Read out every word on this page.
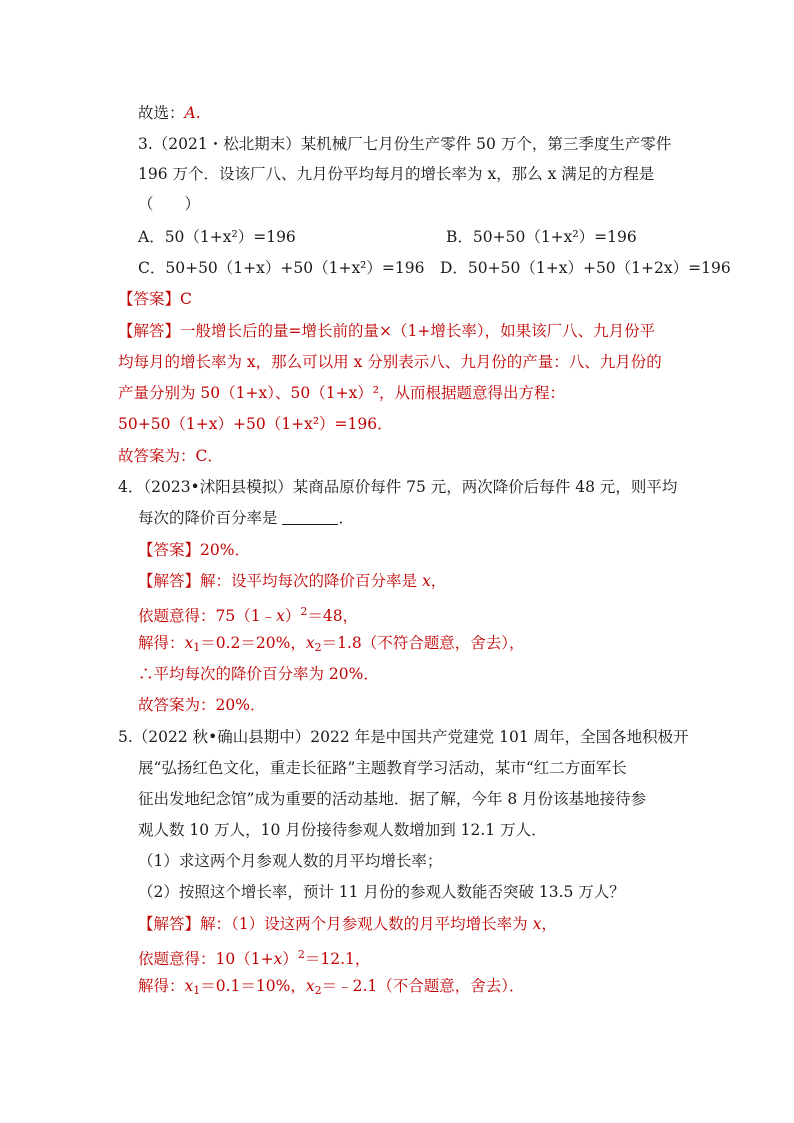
故选：A.
3.（2021・松北期末）某机械厂七月份生产零件 50 万个，第三季度生产零件
196 万个．设该厂八、九月份平均每月的增长率为 x，那么 x 满足的方程是
（　　）
A．50（1+x²）=196	B．50+50（1+x²）=196
C．50+50（1+x）+50（1+x²）=196 D．50+50（1+x）+50（1+2x）=196
【答案】C
【解答】一般增长后的量=增长前的量×（1+增长率），如果该厂八、九月份平
均每月的增长率为 x，那么可以用 x 分别表示八、九月份的产量：八、九月份的
产量分别为 50（1+x）、50（1+x）²，从而根据题意得出方程：
50+50（1+x）+50（1+x²）=196．
故答案为：C．
4．（2023•沭阳县模拟）某商品原价每件 75 元，两次降价后每件 48 元，则平均
每次的降价百分率是	．
【答案】20%．
【解答】解：设平均每次的降价百分率是 x，
依题意得：75（1﹣x）$^2$＝48，
解得：$x_1=0.2=20\%$，$x_2=1.8$（不符合题意，舍去），
∴平均每次的降价百分率为 20%．
故答案为：20%．
5.（2022 秋•确山县期中）2022 年是中国共产党建党 101 周年，全国各地积极开
展“弘扬红色文化，重走长征路”主题教育学习活动，某市“红二方面军长
征出发地纪念馆”成为重要的活动基地．据了解，今年 8 月份该基地接待参
观人数 10 万人，10 月份接待参观人数增加到 12.1 万人．
（1）求这两个月参观人数的月平均增长率；
（2）按照这个增长率，预计 11 月份的参观人数能否突破 13.5 万人？
【解答】解：（1）设这两个月参观人数的月平均增长率为 x，
依题意得：$10(1+x)^2=12.1$，
解得：$x_1=0.1=10\%$，$x_2=﹣2.1$（不合题意，舍去）．
